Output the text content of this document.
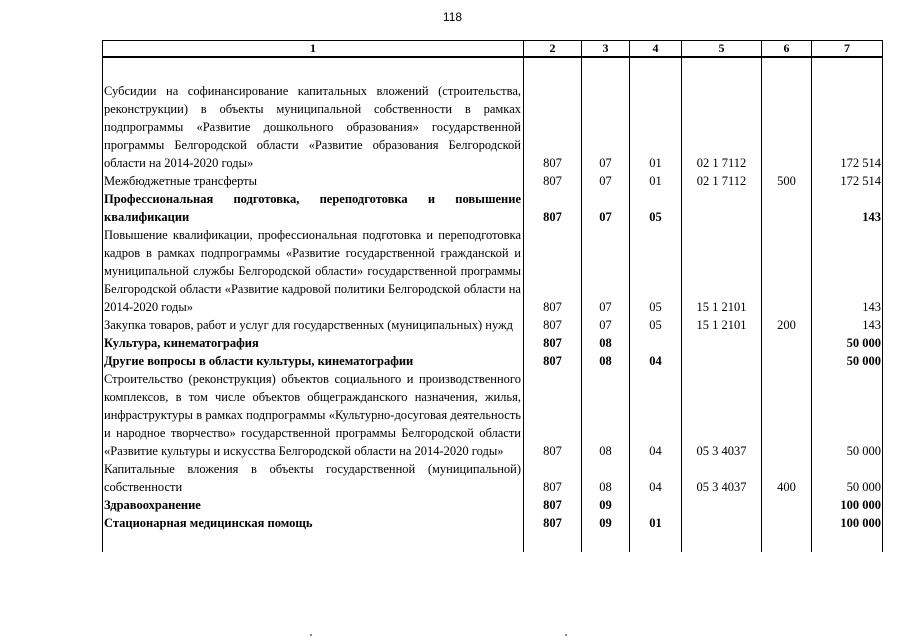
118
1	2	3	4	5	6	7

Субсидии на софинансирование капитальных вложений (строительства, реконструкции) в объекты муниципальной собственности в рамках подпрограммы «Развитие дошкольного образования» государственной программы Белгородской области «Развитие образования Белгородской области на 2014-2020 годы»	807	07	01	02 1 7112		172 514
Межбюджетные трансферты	807	07	01	02 1 7112	500	172 514
Профессиональная подготовка, переподготовка и повышение квалификации	807	07	05			143
Повышение квалификации, профессиональная подготовка и переподготовка кадров в рамках подпрограммы «Развитие государственной гражданской и муниципальной службы Белгородской области» государственной программы Белгородской области «Развитие кадровой политики Белгородской области на 2014-2020 годы»	807	07	05	15 1 2101		143
Закупка товаров, работ и услуг для государственных (муниципальных) нужд	807	07	05	15 1 2101	200	143
Культура, кинематография	807	08				50 000
Другие вопросы в области культуры, кинематографии	807	08	04			50 000
Строительство (реконструкция) объектов социального и производственного комплексов, в том числе объектов общегражданского назначения, жилья, инфраструктуры в рамках подпрограммы «Культурно-досуговая деятельность и народное творчество» государственной программы Белгородской области «Развитие культуры и искусства Белгородской области на 2014-2020 годы»	807	08	04	05 3 4037		50 000
Капитальные вложения в объекты государственной (муниципальной) собственности	807	08	04	05 3 4037	400	50 000
Здравоохранение	807	09				100 000
Стационарная медицинская помощь	807	09	01			100 000
